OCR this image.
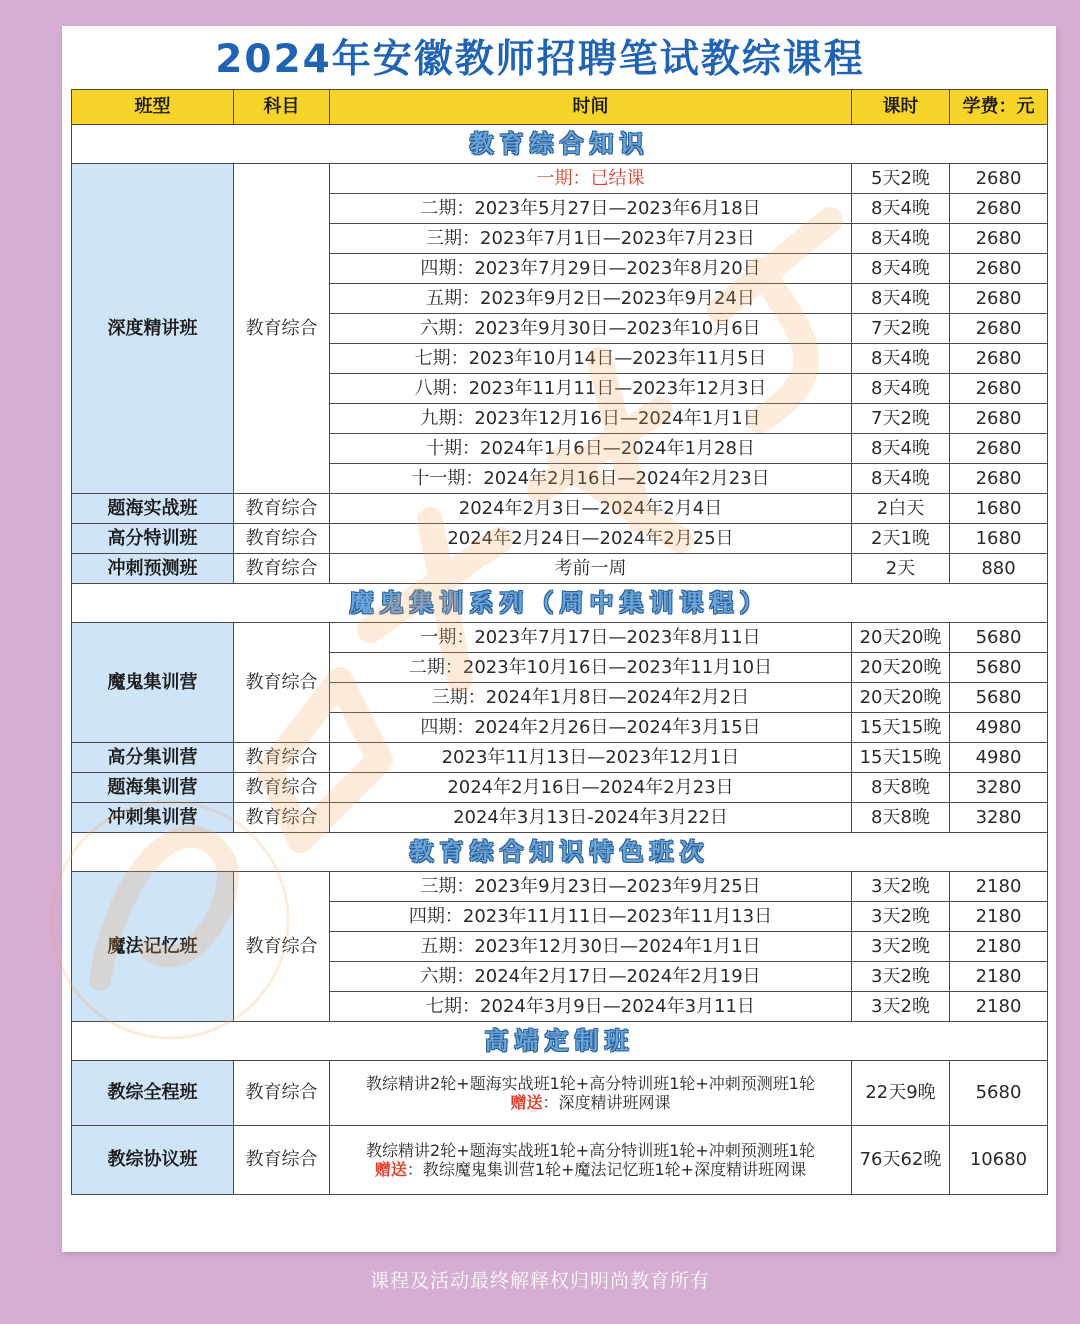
2024年安徽教师招聘笔试教综课程
班型	科目	时间	课时	学费：元
教育综合知识				
深度精讲班	教育综合	一期：已结课	5天2晚	2680
		二期：2023年5月27日—2023年6月18日	8天4晚	2680
		三期：2023年7月1日—2023年7月23日	8天4晚	2680
		四期：2023年7月29日—2023年8月20日	8天4晚	2680
		五期：2023年9月2日—2023年9月24日	8天4晚	2680
		六期：2023年9月30日—2023年10月6日	7天2晚	2680
		七期：2023年10月14日—2023年11月5日	8天4晚	2680
		八期：2023年11月11日—2023年12月3日	8天4晚	2680
		九期：2023年12月16日—2024年1月1日	7天2晚	2680
		十期：2024年1月6日—2024年1月28日	8天4晚	2680
		十一期：2024年2月16日—2024年2月23日	8天4晚	2680
题海实战班	教育综合	2024年2月3日—2024年2月4日	2白天	1680
高分特训班	教育综合	2024年2月24日—2024年2月25日	2天1晚	1680
冲刺预测班	教育综合	考前一周	2天	880
魔鬼集训系列（周中集训课程）				
魔鬼集训营	教育综合	一期：2023年7月17日—2023年8月11日	20天20晚	5680
		二期：2023年10月16日—2023年11月10日	20天20晚	5680
		三期：2024年1月8日—2024年2月2日	20天20晚	5680
		四期：2024年2月26日—2024年3月15日	15天15晚	4980
高分集训营	教育综合	2023年11月13日—2023年12月1日	15天15晚	4980
题海集训营	教育综合	2024年2月16日—2024年2月23日	8天8晚	3280
冲刺集训营	教育综合	2024年3月13日-2024年3月22日	8天8晚	3280
教育综合知识特色班次				
魔法记忆班	教育综合	三期：2023年9月23日—2023年9月25日	3天2晚	2180
		四期：2023年11月11日—2023年11月13日	3天2晚	2180
		五期：2023年12月30日—2024年1月1日	3天2晚	2180
		六期：2024年2月17日—2024年2月19日	3天2晚	2180
		七期：2024年3月9日—2024年3月11日	3天2晚	2180
高端定制班				
教综全程班	教育综合	教综精讲2轮+题海实战班1轮+高分特训班1轮+冲刺预测班1轮
赠送：深度精讲班网课	22天9晚	5680
教综协议班	教育综合	教综精讲2轮+题海实战班1轮+高分特训班1轮+冲刺预测班1轮
赠送：教综魔鬼集训营1轮+魔法记忆班1轮+深度精讲班网课	76天62晚	10680
课程及活动最终解释权归明尚教育所有
